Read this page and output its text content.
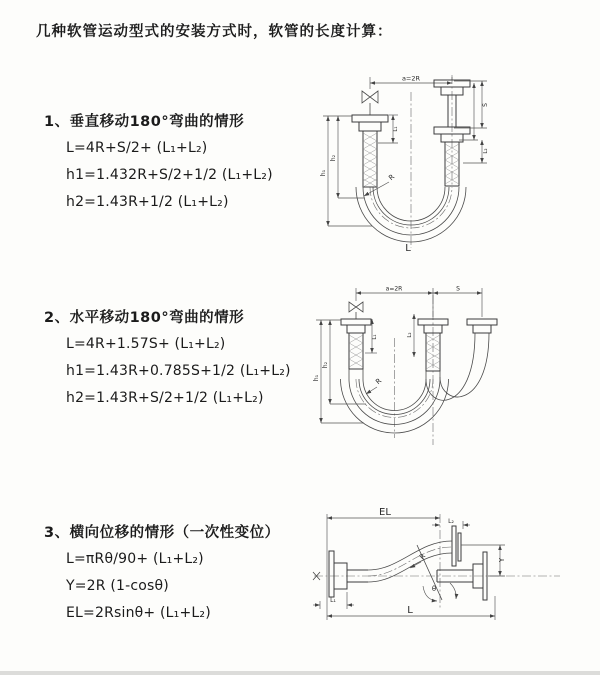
几种软管运动型式的安装方式时，软管的长度计算：
1、垂直移动180°弯曲的情形

L=4R+S/2+ (L₁+L₂)

h1=1.432R+S/2+1/2 (L₁+L₂)

h2=1.43R+1/2 (L₁+L₂)

2、水平移动180°弯曲的情形

L=4R+1.57S+ (L₁+L₂)

h1=1.43R+0.785S+1/2 (L₁+L₂)

h2=1.43R+S/2+1/2 (L₁+L₂)

3、横向位移的情形（一次性变位）

L=πRθ/90+ (L₁+L₂)

Y=2R (1-cosθ)

EL=2Rsinθ+ (L₁+L₂)

a=2R
h₁
h₂
L₁
S
L₂
R
L
a=2R	S
h₁
h₂
L₁	L₂
R
EL
L₂
Y
L
L₁
R
θ
